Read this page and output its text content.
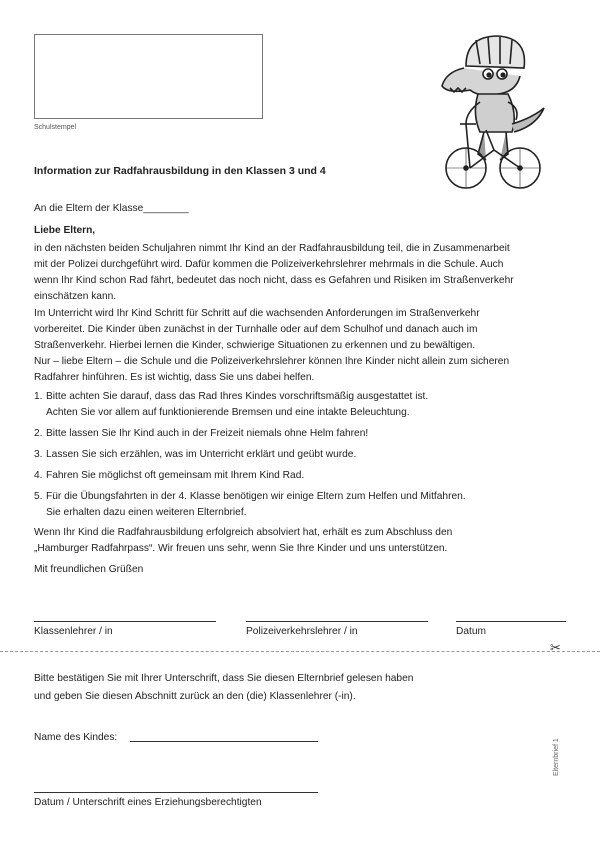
Schulstempel
Information zur Radfahrausbildung in den Klassen 3 und 4
An die Eltern der Klasse________
Liebe Eltern,
in den nächsten beiden Schuljahren nimmt Ihr Kind an der Radfahrausbildung teil, die in Zusammenarbeit
mit der Polizei durchgeführt wird. Dafür kommen die Polizeiverkehrslehrer mehrmals in die Schule. Auch
wenn Ihr Kind schon Rad fährt, bedeutet das noch nicht, dass es Gefahren und Risiken im Straßenverkehr
einschätzen kann.
Im Unterricht wird Ihr Kind Schritt für Schritt auf die wachsenden Anforderungen im Straßenverkehr
vorbereitet. Die Kinder üben zunächst in der Turnhalle oder auf dem Schulhof und danach auch im
Straßenverkehr. Hierbei lernen die Kinder, schwierige Situationen zu erkennen und zu bewältigen.
Nur – liebe Eltern – die Schule und die Polizeiverkehrslehrer können Ihre Kinder nicht allein zum sicheren
Radfahrer hinführen. Es ist wichtig, dass Sie uns dabei helfen.
1. Bitte achten Sie darauf, dass das Rad Ihres Kindes vorschriftsmäßig ausgestattet ist.
Achten Sie vor allem auf funktionierende Bremsen und eine intakte Beleuchtung.
2. Bitte lassen Sie Ihr Kind auch in der Freizeit niemals ohne Helm fahren!
3. Lassen Sie sich erzählen, was im Unterricht erklärt und geübt wurde.
4. Fahren Sie möglichst oft gemeinsam mit Ihrem Kind Rad.
5. Für die Übungsfahrten in der 4. Klasse benötigen wir einige Eltern zum Helfen und Mitfahren.
Sie erhalten dazu einen weiteren Elternbrief.
Wenn Ihr Kind die Radfahrausbildung erfolgreich absolviert hat, erhält es zum Abschluss den
„Hamburger Radfahrpass“. Wir freuen uns sehr, wenn Sie Ihre Kinder und uns unterstützen.
Mit freundlichen Grüßen
Klassenlehrer / in	Polizeiverkehrslehrer / in	Datum
✂
Bitte bestätigen Sie mit Ihrer Unterschrift, dass Sie diesen Elternbrief gelesen haben
und geben Sie diesen Abschnitt zurück an den (die) Klassenlehrer (-in).
Name des Kindes:
Datum / Unterschrift eines Erziehungsberechtigten
Elternbrief 1
